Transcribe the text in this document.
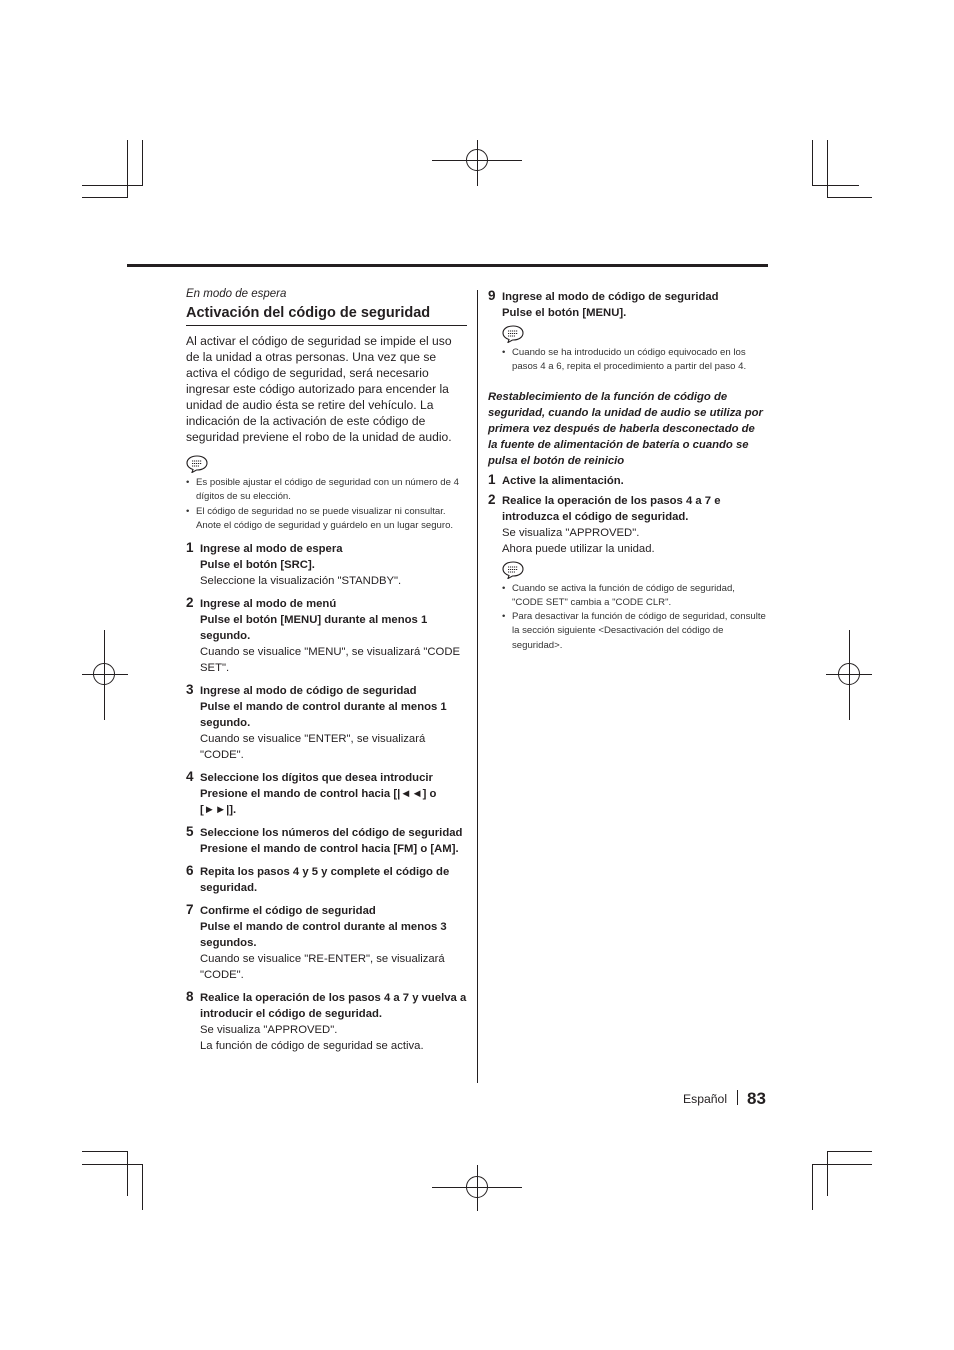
En modo de espera
Activación del código de seguridad

Al activar el código de seguridad se impide el uso de la unidad a otras personas. Una vez que se activa el código de seguridad, será necesario ingresar este código autorizado para encender la unidad de audio ésta se retire del vehículo. La indicación de la activación de este código de seguridad previene el robo de la unidad de audio.

• Es posible ajustar el código de seguridad con un número de 4 dígitos de su elección.
• El código de seguridad no se puede visualizar ni consultar. Anote el código de seguridad y guárdelo en un lugar seguro.
1 Ingrese al modo de espera
Pulse el botón [SRC].
Seleccione la visualización "STANDBY".
2 Ingrese al modo de menú
Pulse el botón [MENU] durante al menos 1 segundo.
Cuando se visualice "MENU", se visualizará "CODE SET".
3 Ingrese al modo de código de seguridad
Pulse el mando de control durante al menos 1 segundo.
Cuando se visualice "ENTER", se visualizará "CODE".
4 Seleccione los dígitos que desea introducir
Presione el mando de control hacia [|◄◄] o [►►|].
5 Seleccione los números del código de seguridad
Presione el mando de control hacia [FM] o [AM].
6 Repita los pasos 4 y 5 y complete el código de seguridad.
7 Confirme el código de seguridad
Pulse el mando de control durante al menos 3 segundos.
Cuando se visualice "RE-ENTER", se visualizará "CODE".
8 Realice la operación de los pasos 4 a 7 y vuelva a introducir el código de seguridad.
Se visualiza "APPROVED".
La función de código de seguridad se activa.
9 Ingrese al modo de código de seguridad
Pulse el botón [MENU].
• Cuando se ha introducido un código equivocado en los pasos 4 a 6, repita el procedimiento a partir del paso 4.
Restablecimiento de la función de código de seguridad, cuando la unidad de audio se utiliza por primera vez después de haberla desconectado de la fuente de alimentación de batería o cuando se pulsa el botón de reinicio
1 Active la alimentación.
2 Realice la operación de los pasos 4 a 7 e introduzca el código de seguridad.
Se visualiza "APPROVED".
Ahora puede utilizar la unidad.
• Cuando se activa la función de código de seguridad, "CODE SET" cambia a "CODE CLR".
• Para desactivar la función de código de seguridad, consulte la sección siguiente <Desactivación del código de seguridad>.
Español 83
